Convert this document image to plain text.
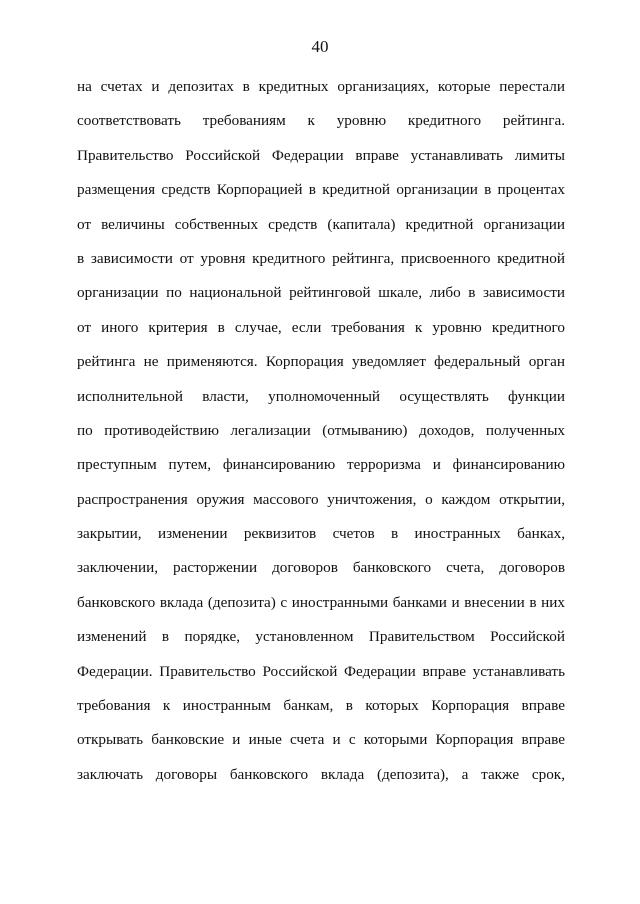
40
на счетах и депозитах в кредитных организациях, которые перестали
соответствовать требованиям к уровню кредитного рейтинга.
Правительство Российской Федерации вправе устанавливать лимиты
размещения средств Корпорацией в кредитной организации в процентах
от величины собственных средств (капитала) кредитной организации
в зависимости от уровня кредитного рейтинга, присвоенного кредитной
организации по национальной рейтинговой шкале, либо в зависимости
от иного критерия в случае, если требования к уровню кредитного
рейтинга не применяются. Корпорация уведомляет федеральный орган
исполнительной власти, уполномоченный осуществлять функции
по противодействию легализации (отмыванию) доходов, полученных
преступным путем, финансированию терроризма и финансированию
распространения оружия массового уничтожения, о каждом открытии,
закрытии, изменении реквизитов счетов в иностранных банках,
заключении, расторжении договоров банковского счета, договоров
банковского вклада (депозита) с иностранными банками и внесении в них
изменений в порядке, установленном Правительством Российской
Федерации. Правительство Российской Федерации вправе устанавливать
требования к иностранным банкам, в которых Корпорация вправе
открывать банковские и иные счета и с которыми Корпорация вправе
заключать договоры банковского вклада (депозита), а также срок,
